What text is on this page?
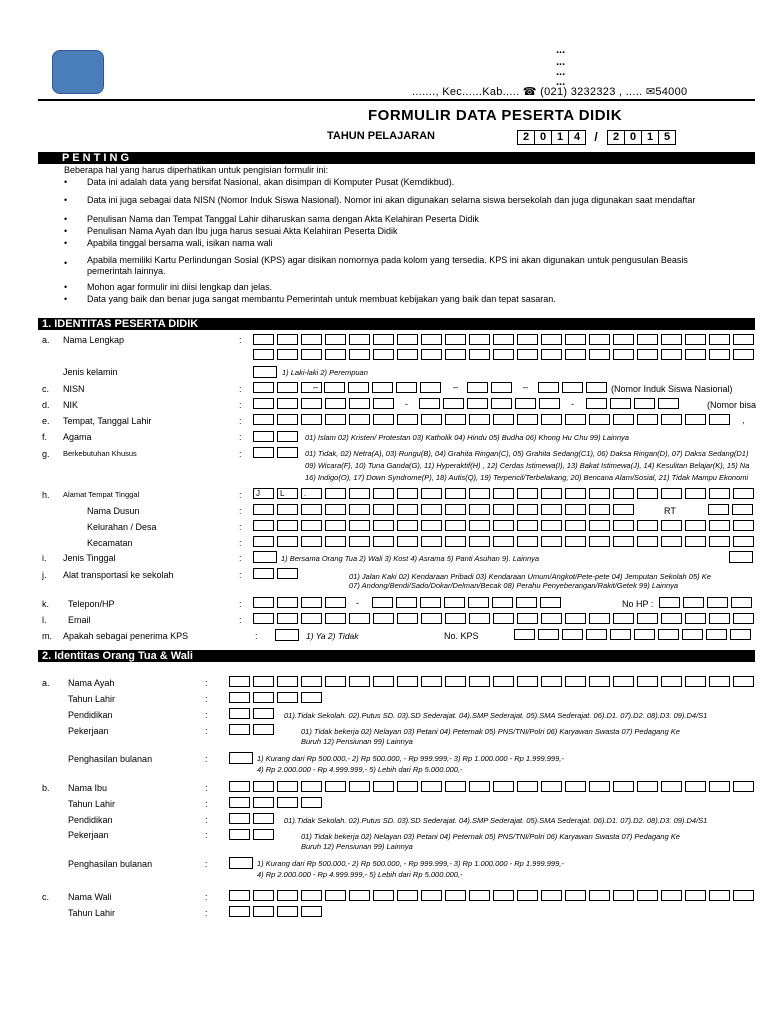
...
...
...
...
......., Kec......Kab..... ☎ (021) 3232323 , ..... ✉54000
FORMULIR DATA PESERTA DIDIK
TAHUN PELAJARAN	2 0 1 4	/	2 0 1 5
P E N T I N G
Beberapa hal yang harus diperhatikan untuk pengisian formulir ini:
• Data ini adalah data yang bersifat Nasional, akan disimpan di Komputer Pusat (Kemdikbud).
• Data ini juga sebagai data NISN (Nomor Induk Siswa Nasional). Nomor ini akan digunakan selama siswa bersekolah dan juga digunakan saat mendaftar
• Penulisan Nama dan Tempat Tanggal Lahir diharuskan sama dengan Akta Kelahiran Peserta Didik
• Penulisan Nama Ayah dan Ibu juga harus sesuai Akta Kelahiran Peserta Didik
• Apabila tinggal bersama wali, isikan nama wali
• Apabila memiliki Kartu Perlindungan Sosial (KPS) agar disikan nomornya pada kolom yang tersedia. KPS ini akan digunakan untuk pengusulan Beasis
pemerintah lainnya.
• Mohon agar formulir ini diisi lengkap dan jelas.
• Data yang baik dan benar juga sangat membantu Pemerintah untuk membuat kebijakan yang baik dan tepat sasaran.
1. IDENTITAS PESERTA DIDIK
a. Nama Lengkap	:
Jenis kelamin	1) Laki-laki 2) Perempuan
c. NISN	:	–	–	–	(Nomor Induk Siswa Nasional)
d. NIK	:	-	-	(Nomor bisa
e. Tempat, Tanggal Lahir	:	,
f. Agama	:	01) Islam 02) Kristen/ Protestan 03) Katholik 04) Hindu 05) Budha 06) Khong Hu Chu 99) Lainnya
g. Berkebutuhan Khusus	:	01) Tidak, 02) Netra(A), 03) Rungu(B), 04) Grahita Ringan(C), 05) Grahita Sedang(C1), 06) Daksa Ringan(D), 07) Daksa Sedang(D1)
09) Wicara(F), 10) Tuna Ganda(G), 11) Hyperaktif(H) , 12) Cerdas Istimewa(I), 13) Bakat Istimewa(J), 14) Kesulitan Belajar(K), 15) Na
16) Indigo(O), 17) Down Syndrome(P), 18) Autis(Q), 19) Terpencil/Terbelakang, 20) Bencana Alam/Sosial, 21) Tidak Mampu Ekonomi
h. Alamat Tempat Tinggal	:	J	L	.
Nama Dusun	:	RT
Kelurahan / Desa	:
Kecamatan	:
i. Jenis Tinggal	:	1) Bersama Orang Tua 2) Wali 3) Kost 4) Asrama 5) Panti Asuhan 9). Lainnya
j. Alat transportasi ke sekolah	:	01) Jalan Kaki 02) Kendaraan Pribadi 03) Kendaraan Umum/Angkot/Pete-pete 04) Jemputan Sekolah 05) Ke
07) Andong/Bendi/Sado/Dokar/Delman/Becak 08) Perahu Penyeberangan/Rakit/Getek 99) Lainnya
k. Telepon/HP	:	-	No HP :
l. Email	:
m. Apakah sebagai penerima KPS	:	1) Ya 2) Tidak	No. KPS
2. Identitas Orang Tua & Wali
a. Nama Ayah	:
Tahun Lahir	:
Pendidikan	:	01).Tidak Sekolah. 02).Putus SD. 03).SD Sederajat. 04).SMP Sederajat. 05).SMA Sederajat. 06).D1. 07).D2. 08).D3. 09).D4/S1
Pekerjaan	:	01) Tidak bekerja 02) Nelayan 03) Petani 04) Peternak 05) PNS/TNI/Polri 06) Karyawan Swasta 07) Pedagang Ke
Buruh 12) Pensiunan 99) Lainnya
Penghasilan bulanan	:	1) Kurang dari Rp 500.000,- 2) Rp 500.000, - Rp 999.999,- 3) Rp 1.000.000 - Rp 1.999.999,-
4) Rp 2.000.000 - Rp 4.999.999,- 5) Lebih dari Rp 5.000.000,-
b. Nama Ibu	:
Tahun Lahir	:
Pendidikan	:	01).Tidak Sekolah. 02).Putus SD. 03).SD Sederajat. 04).SMP Sederajat. 05).SMA Sederajat. 06).D1. 07).D2. 08).D3. 09).D4/S1
Pekerjaan	:	01) Tidak bekerja 02) Nelayan 03) Petani 04) Peternak 05) PNS/TNI/Polri 06) Karyawan Swasta 07) Pedagang Ke
Buruh 12) Pensiunan 99) Lainnya
Penghasilan bulanan	:	1) Kurang dari Rp 500.000,- 2) Rp 500.000, - Rp 999.999,- 3) Rp 1.000.000 - Rp 1.999.999,-
4) Rp 2.000.000 - Rp 4.999.999,- 5) Lebih dari Rp 5.000.000,-
c. Nama Wali	:
Tahun Lahir	:
